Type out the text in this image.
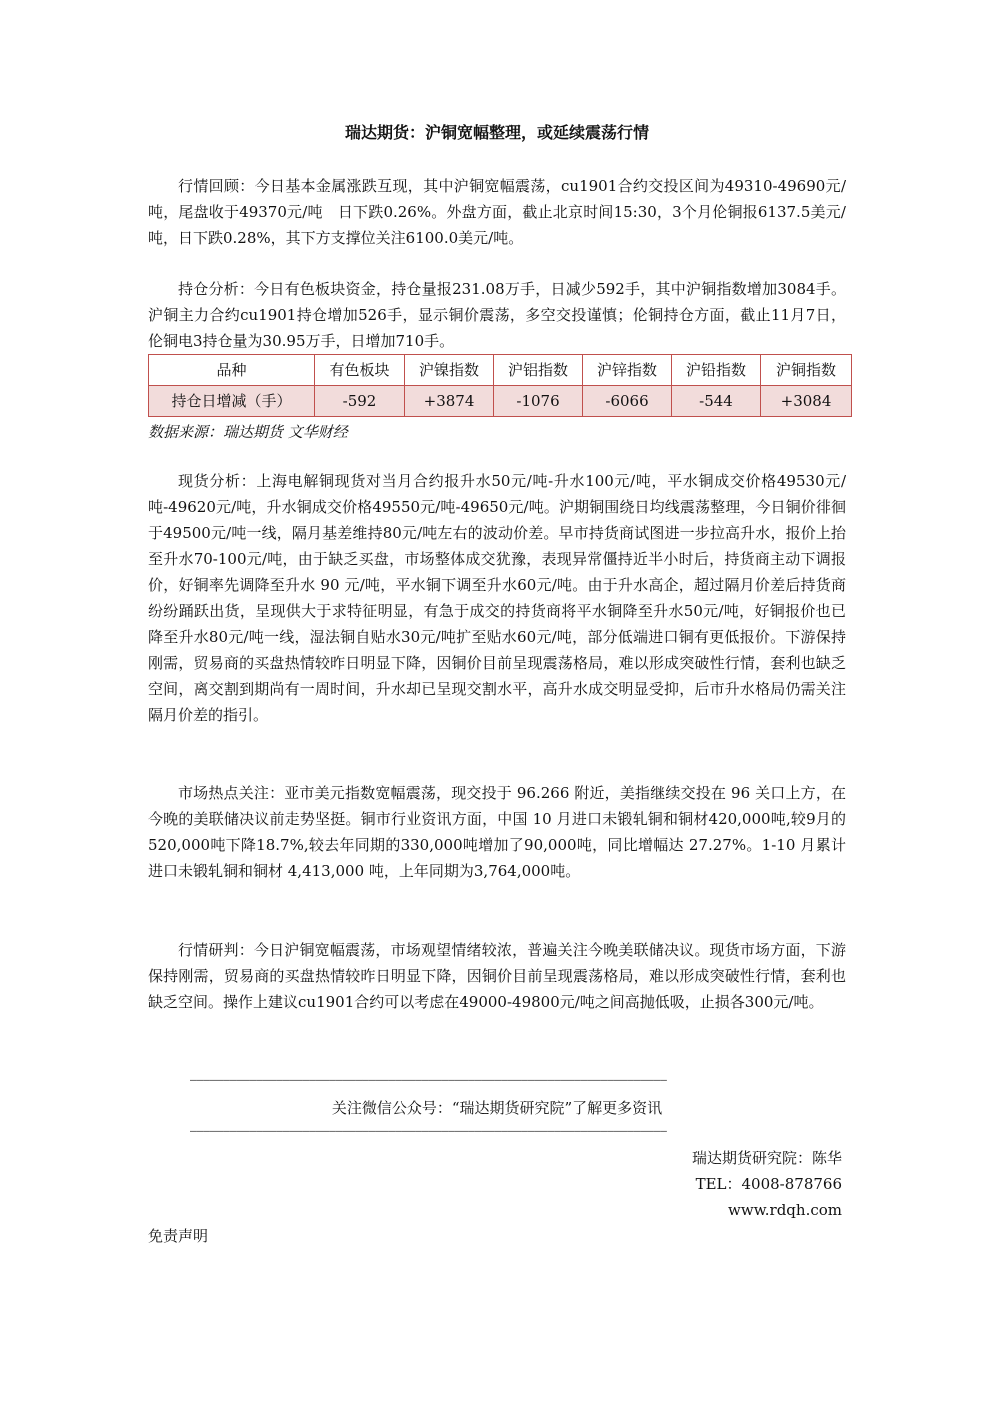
瑞达期货：沪铜宽幅整理，或延续震荡行情

行情回顾：今日基本金属涨跌互现，其中沪铜宽幅震荡，cu1901合约交投区间为49310-49690元/吨，尾盘收于49370元/吨　日下跌0.26%。外盘方面，截止北京时间15:30，3个月伦铜报6137.5美元/吨，日下跌0.28%，其下方支撑位关注6100.0美元/吨。

持仓分析：今日有色板块资金，持仓量报231.08万手，日减少592手，其中沪铜指数增加3084手。沪铜主力合约cu1901持仓增加526手，显示铜价震荡，多空交投谨慎；伦铜持仓方面，截止11月7日，伦铜电3持仓量为30.95万手，日增加710手。

品种	有色板块	沪镍指数	沪铝指数	沪锌指数	沪铅指数	沪铜指数
持仓日增减（手）	-592	+3874	-1076	-6066	-544	+3084
数据来源：瑞达期货 文华财经

现货分析：上海电解铜现货对当月合约报升水50元/吨-升水100元/吨，平水铜成交价格49530元/吨-49620元/吨，升水铜成交价格49550元/吨-49650元/吨。沪期铜围绕日均线震荡整理，今日铜价徘徊于49500元/吨一线，隔月基差维持80元/吨左右的波动价差。早市持货商试图进一步拉高升水，报价上抬至升水70-100元/吨，由于缺乏买盘，市场整体成交犹豫，表现异常僵持近半小时后，持货商主动下调报价，好铜率先调降至升水 90 元/吨，平水铜下调至升水60元/吨。由于升水高企，超过隔月价差后持货商纷纷踊跃出货，呈现供大于求特征明显，有急于成交的持货商将平水铜降至升水50元/吨，好铜报价也已降至升水80元/吨一线，湿法铜自贴水30元/吨扩至贴水60元/吨，部分低端进口铜有更低报价。下游保持刚需，贸易商的买盘热情较昨日明显下降，因铜价目前呈现震荡格局，难以形成突破性行情，套利也缺乏空间，离交割到期尚有一周时间，升水却已呈现交割水平，高升水成交明显受抑，后市升水格局仍需关注隔月价差的指引。

市场热点关注：亚市美元指数宽幅震荡，现交投于 96.266 附近，美指继续交投在 96 关口上方，在今晚的美联储决议前走势坚挺。铜市行业资讯方面，中国 10 月进口未锻轧铜和铜材420,000吨,较9月的520,000吨下降18.7%,较去年同期的330,000吨增加了90,000吨，同比增幅达 27.27%。1-10 月累计进口未锻轧铜和铜材 4,413,000 吨，上年同期为3,764,000吨。

行情研判：今日沪铜宽幅震荡，市场观望情绪较浓，普遍关注今晚美联储决议。现货市场方面，下游保持刚需，贸易商的买盘热情较昨日明显下降，因铜价目前呈现震荡格局，难以形成突破性行情，套利也缺乏空间。操作上建议cu1901合约可以考虑在49000-49800元/吨之间高抛低吸，止损各300元/吨。

————————————————————————————————————————————————————————————————————————
关注微信公众号：“瑞达期货研究院”了解更多资讯
————————————————————————————————————————————————————————————————————————
瑞达期货研究院：陈华
TEL：4008-878766
www.rdqh.com
免责声明
